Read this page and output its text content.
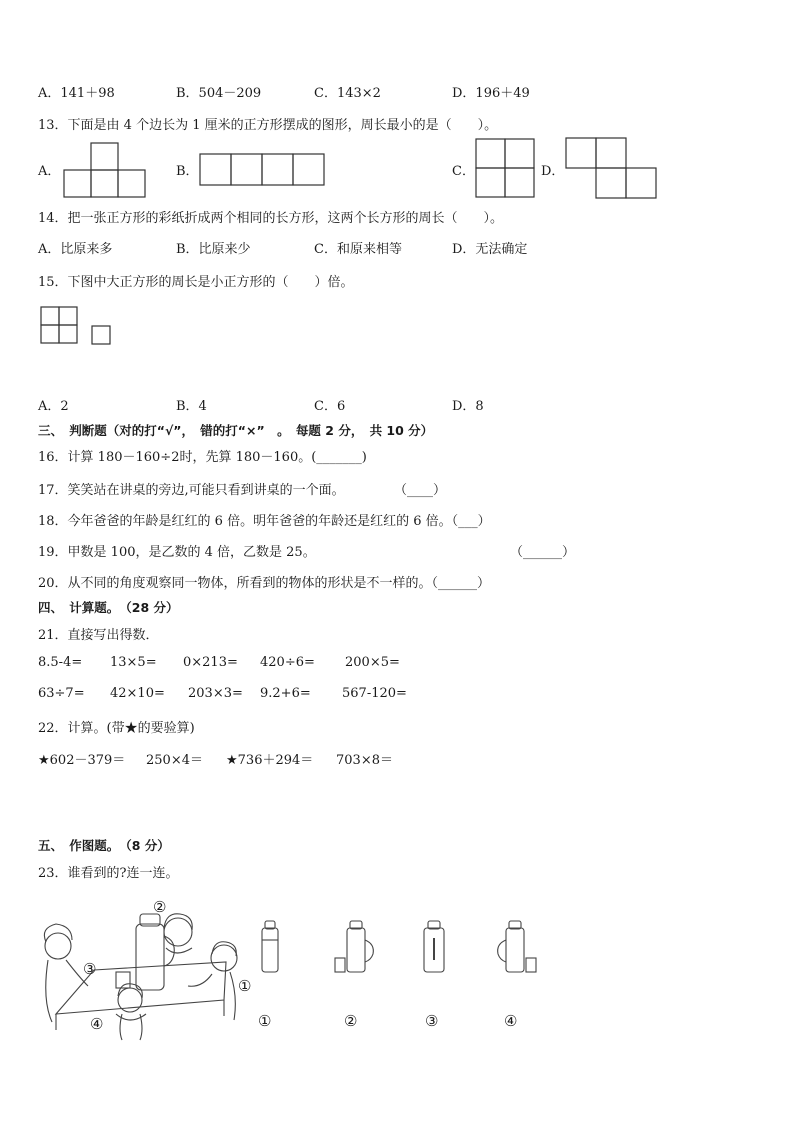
A．141＋98	B．504－209	C．143×2	D．196＋49
13．下面是由 4 个边长为 1 厘米的正方形摆成的图形，周长最小的是（　　）。
A．	B．	C．	D．
14．把一张正方形的彩纸折成两个相同的长方形，这两个长方形的周长（　　）。
A．比原来多	B．比原来少	C．和原来相等	D．无法确定
15．下图中大正方形的周长是小正方形的（　　）倍。
A．2	B．4	C．6	D．8
三、　判断题（对的打“√”，　错的打“×”　。　每题 2 分，　共 10 分）
16．计算 180－160÷2时，先算 180－160。(_______)
17．笑笑站在讲桌的旁边,可能只看到讲桌的一个面。	（____）
18．今年爸爸的年龄是红红的 6 倍。明年爸爸的年龄还是红红的 6 倍。（___）
19．甲数是 100，是乙数的 4 倍，乙数是 25。	（______）
20．从不同的角度观察同一物体，所看到的物体的形状是不一样的。（______）
四、　计算题。　（28 分）
21．直接写出得数．
8.5-4= 13×5= 0×213= 420÷6= 200×5=
63÷7= 42×10= 203×3= 9.2+6= 567-120=
22．计算。(带★的要验算)
★602－379＝ 250×4＝ ★736＋294＝ 703×8＝
五、　作图题。　（8 分）
23．谁看到的?连一连。
②
③
①
④	①	②	③	④
